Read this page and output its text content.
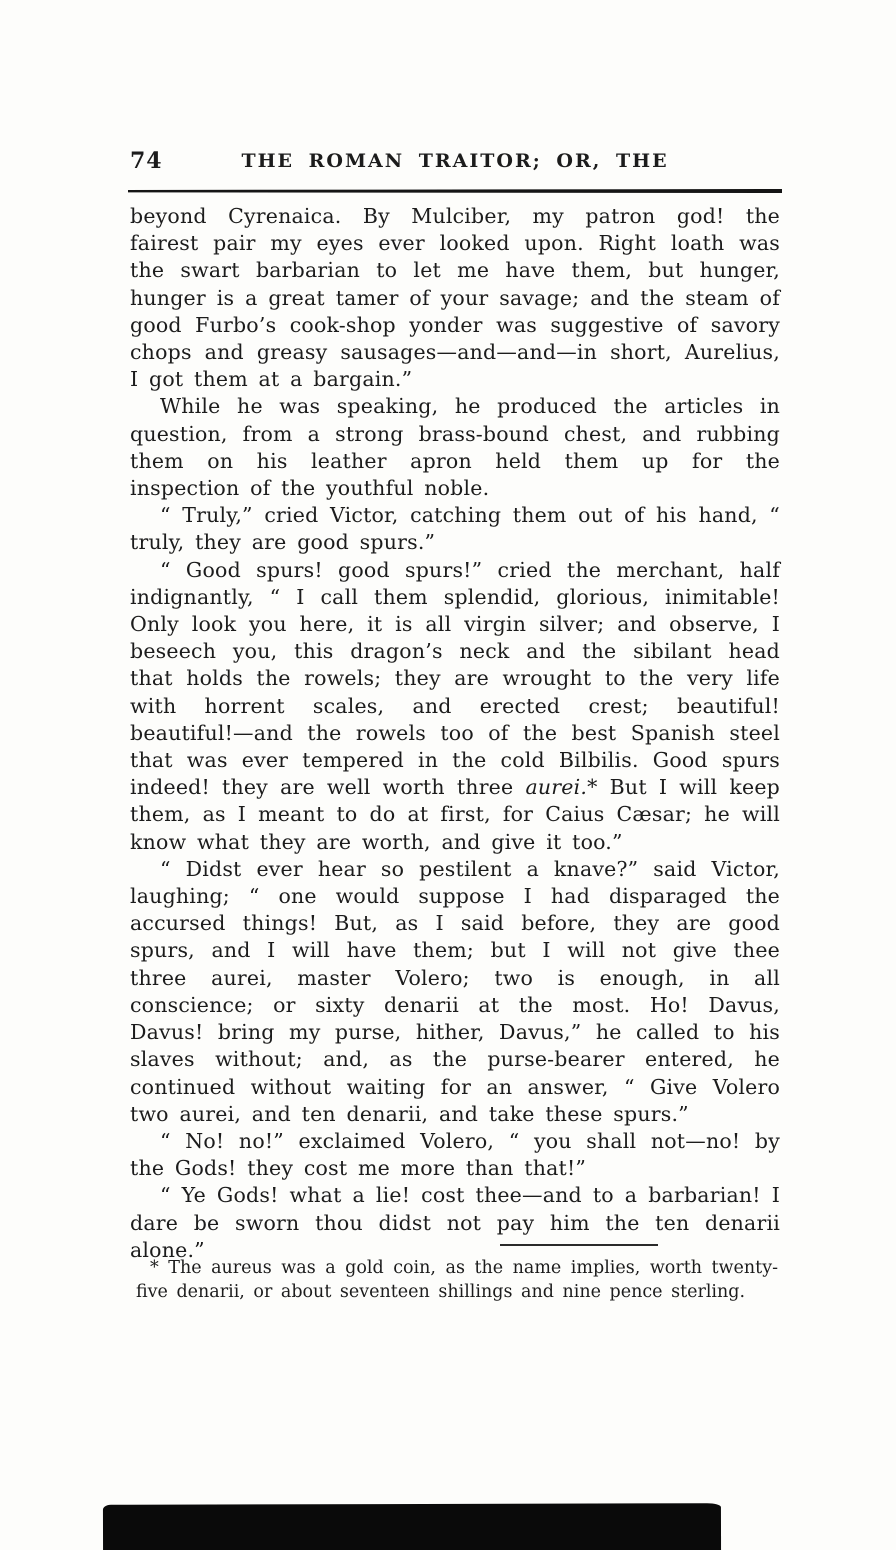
74	THE ROMAN TRAITOR; OR, THE

beyond Cyrenaica. By Mulciber, my patron god! the fairest pair my eyes ever looked upon. Right loath was the swart barbarian to let me have them, but hunger, hunger is a great tamer of your savage; and the steam of good Furbo’s cook-shop yonder was suggestive of savory chops and greasy sausages—and—and—in short, Aurelius, I got them at a bargain.”

While he was speaking, he produced the articles in question, from a strong brass-bound chest, and rubbing them on his leather apron held them up for the inspection of the youthful noble.

“ Truly,” cried Victor, catching them out of his hand, “ truly, they are good spurs.”

“ Good spurs! good spurs!” cried the merchant, half indignantly, “ I call them splendid, glorious, inimitable! Only look you here, it is all virgin silver; and observe, I beseech you, this dragon’s neck and the sibilant head that holds the rowels; they are wrought to the very life with horrent scales, and erected crest; beautiful! beautiful!—and the rowels too of the best Spanish steel that was ever tempered in the cold Bilbilis. Good spurs indeed! they are well worth three aurei.* But I will keep them, as I meant to do at first, for Caius Cæsar; he will know what they are worth, and give it too.”

“ Didst ever hear so pestilent a knave?” said Victor, laughing; “ one would suppose I had disparaged the accursed things! But, as I said before, they are good spurs, and I will have them; but I will not give thee three aurei, master Volero; two is enough, in all conscience; or sixty denarii at the most. Ho! Davus, Davus! bring my purse, hither, Davus,” he called to his slaves without; and, as the purse-bearer entered, he continued without waiting for an answer, “ Give Volero two aurei, and ten denarii, and take these spurs.”

“ No! no!” exclaimed Volero, “ you shall not—no! by the Gods! they cost me more than that!”

“ Ye Gods! what a lie! cost thee—and to a barbarian! I dare be sworn thou didst not pay him the ten denarii alone.”

* The aureus was a gold coin, as the name implies, worth twenty-five denarii, or about seventeen shillings and nine pence sterling.
